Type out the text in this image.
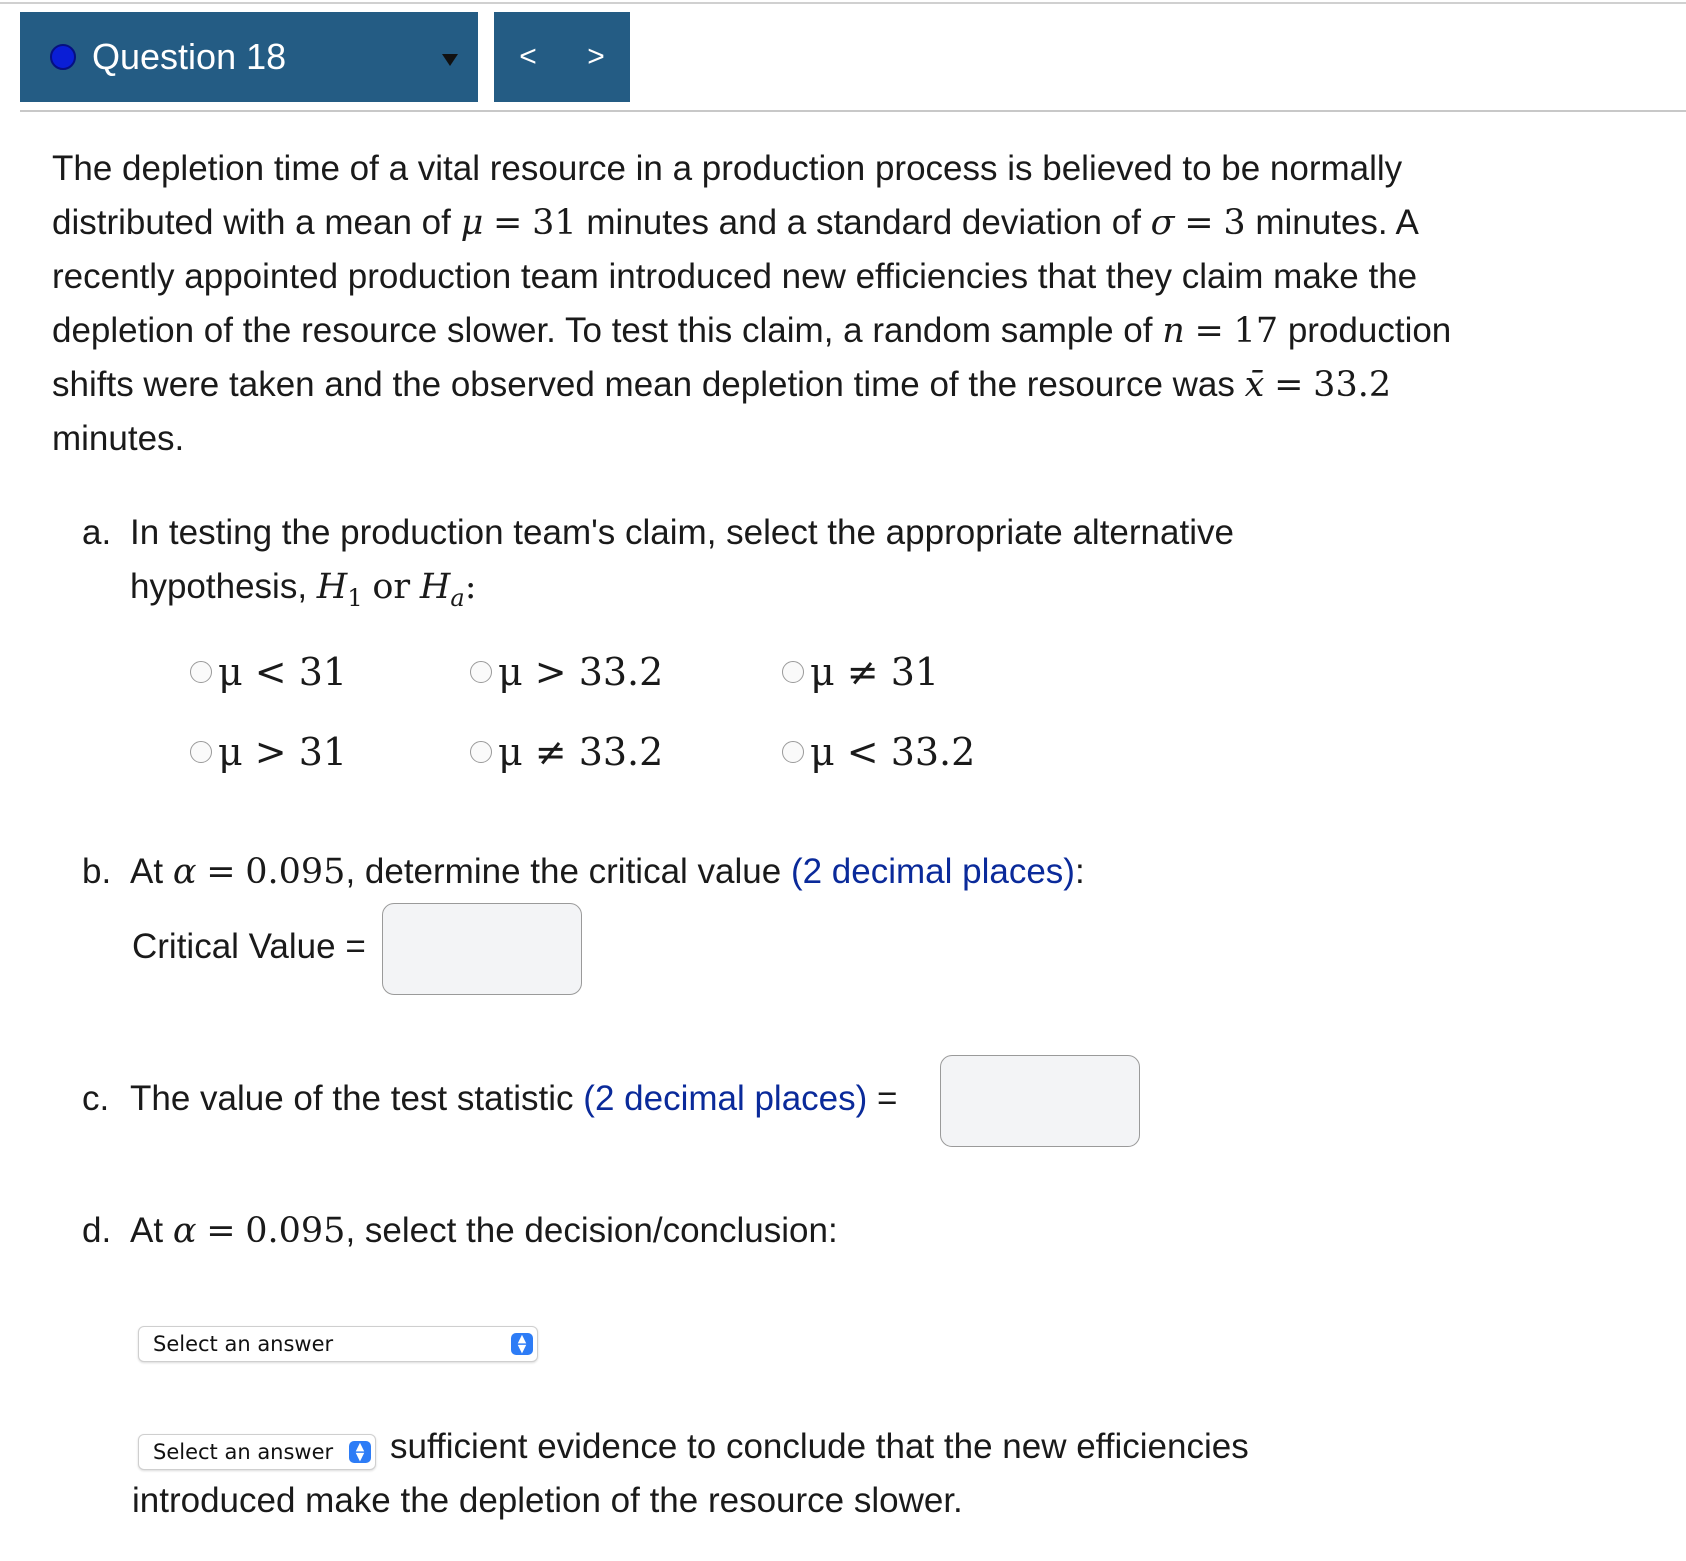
Question 18	<	>

The depletion time of a vital resource in a production process is believed to be normally distributed with a mean of μ = 31 minutes and a standard deviation of σ = 3 minutes. A recently appointed production team introduced new efficiencies that they claim make the depletion of the resource slower. To test this claim, a random sample of n = 17 production shifts were taken and the observed mean depletion time of the resource was x̄ = 33.2 minutes.

a. In testing the production team's claim, select the appropriate alternative hypothesis, $H_1$ or $H_a$:
μ < 31	μ > 33.2	μ ≠ 31
μ > 31	μ ≠ 33.2	μ < 33.2
b. At α = 0.095, determine the critical value (2 decimal places):
Critical Value =
c. The value of the test statistic (2 decimal places) =
d. At α = 0.095, select the decision/conclusion:
Select an answer	▲
▼
Select an answer ▲
▼ sufficient evidence to conclude that the new efficiencies introduced make the depletion of the resource slower.
